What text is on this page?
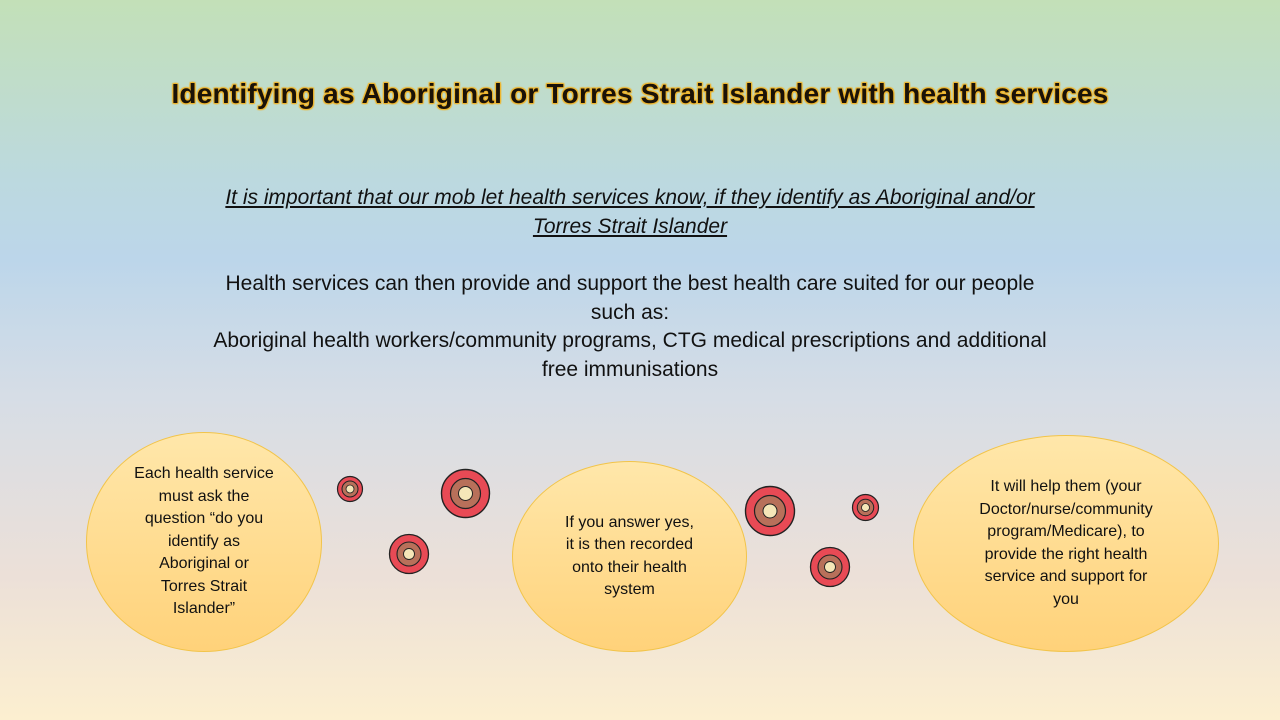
Identifying as Aboriginal or Torres Strait Islander with health services
It is important that our mob let health services know, if they identify as Aboriginal and/or
Torres Strait Islander
Health services can then provide and support the best health care suited for our people
such as:
Aboriginal health workers/community programs, CTG medical prescriptions and additional
free immunisations
Each health service
must ask the
question “do you
identify as
Aboriginal or
Torres Strait
Islander”
If you answer yes,
it is then recorded
onto their health
system
It will help them (your
Doctor/nurse/community
program/Medicare), to
provide the right health
service and support for
you
